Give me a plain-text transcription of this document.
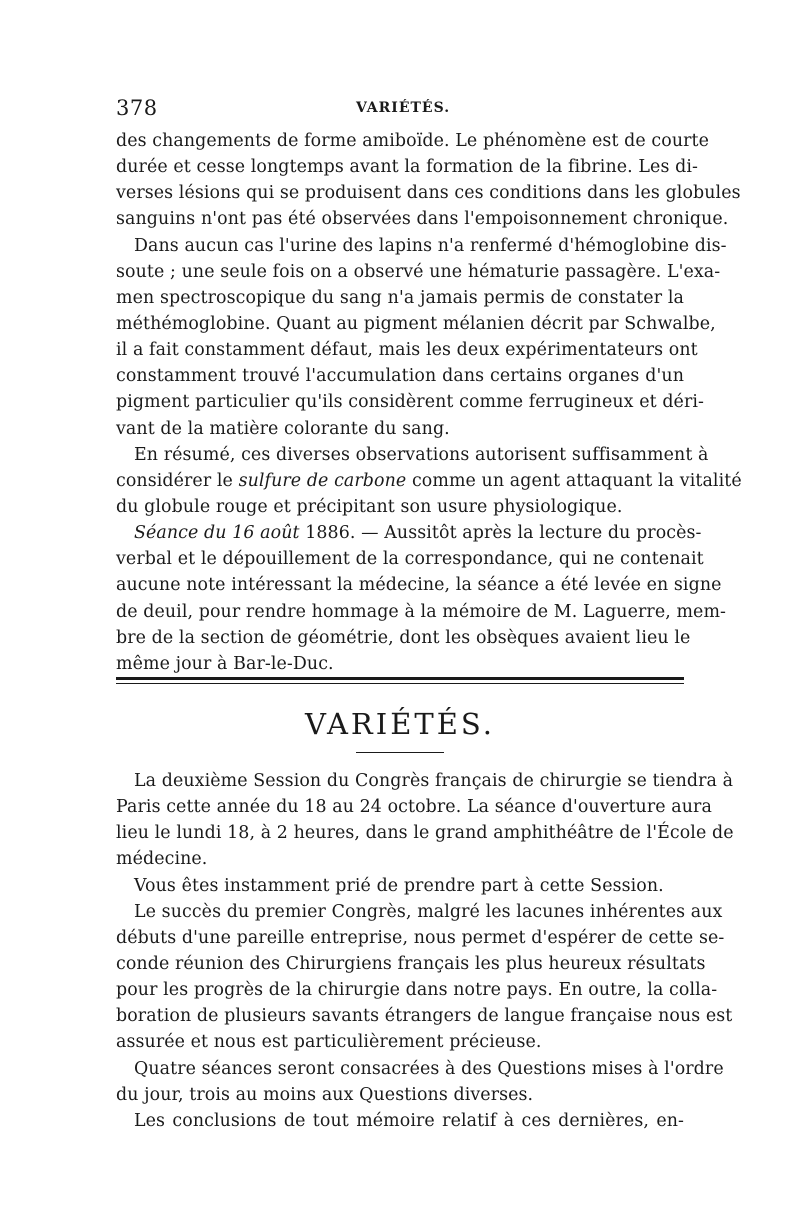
378	VARIÉTÉS.
des changements de forme amiboïde. Le phénomène est de courte
durée et cesse longtemps avant la formation de la fibrine. Les di-
verses lésions qui se produisent dans ces conditions dans les globules
sanguins n'ont pas été observées dans l'empoisonnement chronique.
Dans aucun cas l'urine des lapins n'a renfermé d'hémoglobine dis-
soute ; une seule fois on a observé une hématurie passagère. L'exa-
men spectroscopique du sang n'a jamais permis de constater la
méthémoglobine. Quant au pigment mélanien décrit par Schwalbe,
il a fait constamment défaut, mais les deux expérimentateurs ont
constamment trouvé l'accumulation dans certains organes d'un
pigment particulier qu'ils considèrent comme ferrugineux et déri-
vant de la matière colorante du sang.
En résumé, ces diverses observations autorisent suffisamment à
considérer le sulfure de carbone comme un agent attaquant la vitalité
du globule rouge et précipitant son usure physiologique.
Séance du 16 août 1886. — Aussitôt après la lecture du procès-
verbal et le dépouillement de la correspondance, qui ne contenait
aucune note intéressant la médecine, la séance a été levée en signe
de deuil, pour rendre hommage à la mémoire de M. Laguerre, mem-
bre de la section de géométrie, dont les obsèques avaient lieu le
même jour à Bar-le-Duc.
VARIÉTÉS.
La deuxième Session du Congrès français de chirurgie se tiendra à
Paris cette année du 18 au 24 octobre. La séance d'ouverture aura
lieu le lundi 18, à 2 heures, dans le grand amphithéâtre de l'École de
médecine.
Vous êtes instamment prié de prendre part à cette Session.
Le succès du premier Congrès, malgré les lacunes inhérentes aux
débuts d'une pareille entreprise, nous permet d'espérer de cette se-
conde réunion des Chirurgiens français les plus heureux résultats
pour les progrès de la chirurgie dans notre pays. En outre, la colla-
boration de plusieurs savants étrangers de langue française nous est
assurée et nous est particulièrement précieuse.
Quatre séances seront consacrées à des Questions mises à l'ordre
du jour, trois au moins aux Questions diverses.
Les conclusions de tout mémoire relatif à ces dernières, en-
